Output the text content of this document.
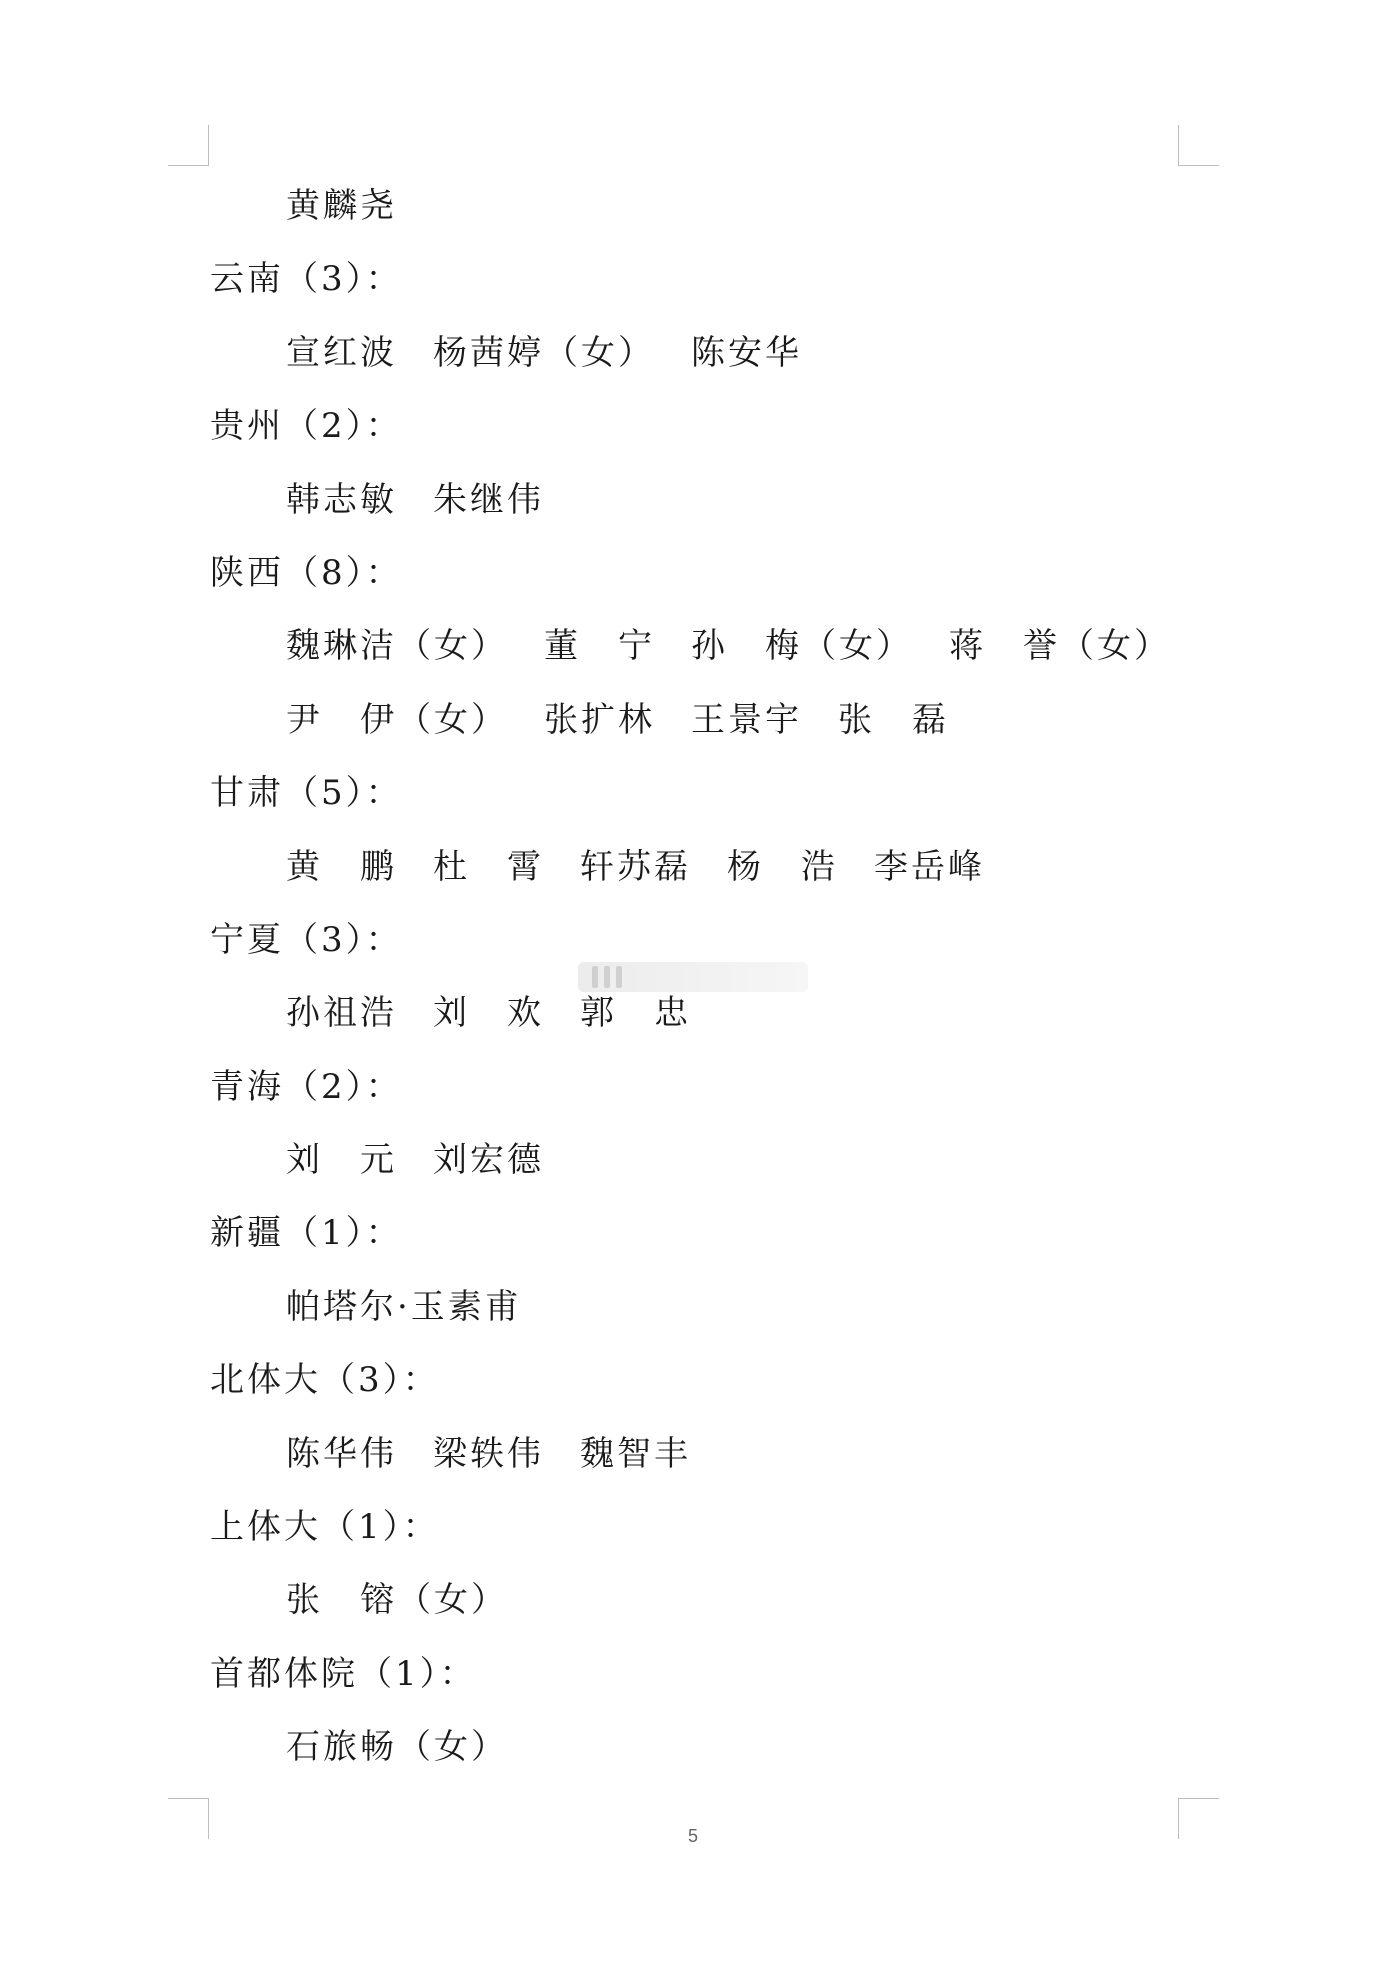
黄麟尧
云南（3）：
宣红波 杨茜婷（女） 陈安华
贵州（2）：
韩志敏 朱继伟
陕西（8）：
魏琳洁（女） 董　宁 孙　梅（女） 蒋　誉（女）
尹　伊（女） 张扩林 王景宇 张　磊
甘肃（5）：
黄　鹏 杜　霄 轩苏磊 杨　浩 李岳峰
宁夏（3）：
孙祖浩 刘　欢 郭　忠
青海（2）：
刘　元 刘宏德
新疆（1）：
帕塔尔·玉素甫
北体大（3）：
陈华伟 梁轶伟 魏智丰
上体大（1）：
张　镕（女）
首都体院（1）：
石旅畅（女）
5
